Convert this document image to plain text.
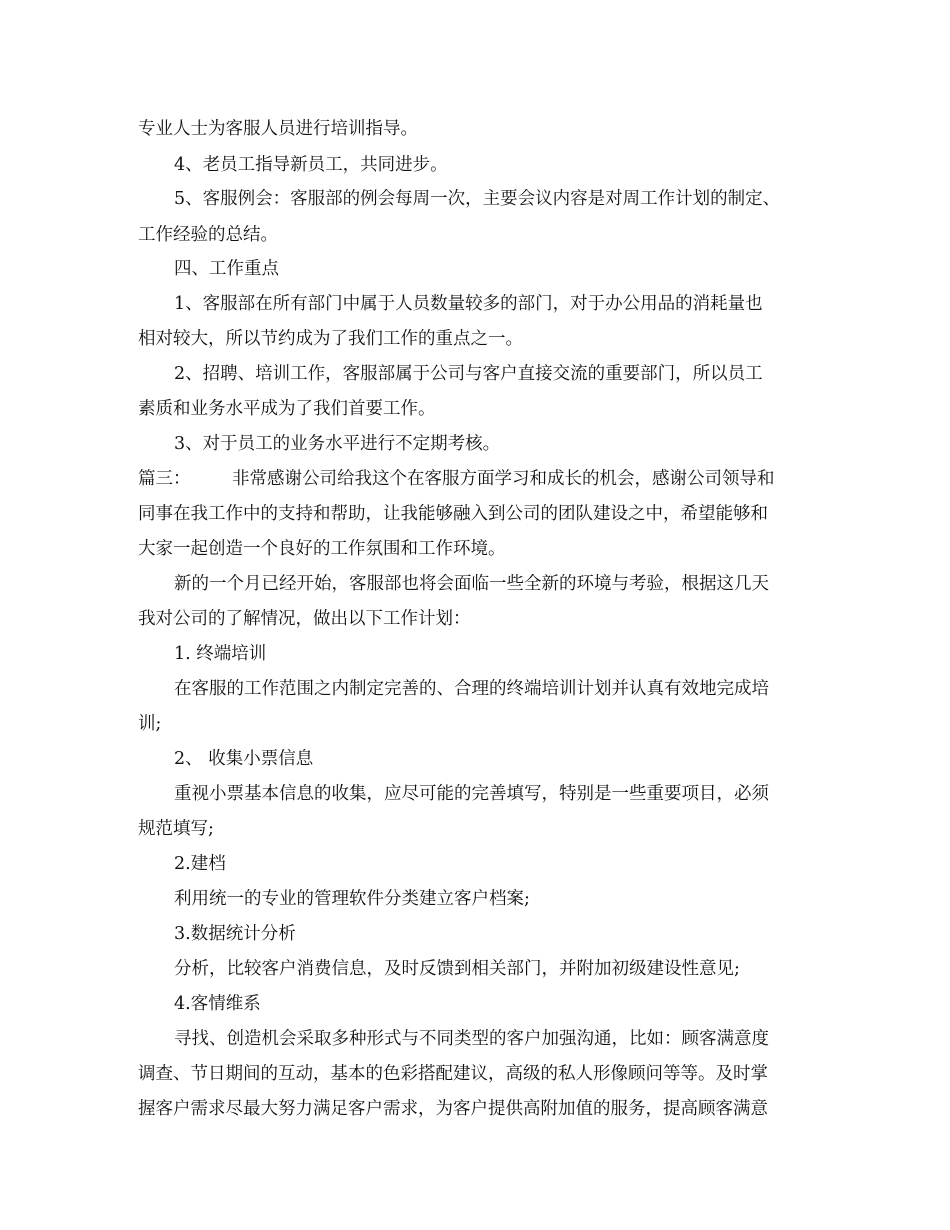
专业人士为客服人员进行培训指导。
4、老员工指导新员工，共同进步。
5、客服例会：客服部的例会每周一次，主要会议内容是对周工作计划的制定、
工作经验的总结。
四、工作重点
1、客服部在所有部门中属于人员数量较多的部门，对于办公用品的消耗量也
相对较大，所以节约成为了我们工作的重点之一。
2、招聘、培训工作，客服部属于公司与客户直接交流的重要部门，所以员工
素质和业务水平成为了我们首要工作。
3、对于员工的业务水平进行不定期考核。
篇三： 非常感谢公司给我这个在客服方面学习和成长的机会，感谢公司领导和
同事在我工作中的支持和帮助，让我能够融入到公司的团队建设之中，希望能够和
大家一起创造一个良好的工作氛围和工作环境。
新的一个月已经开始，客服部也将会面临一些全新的环境与考验，根据这几天
我对公司的了解情况，做出以下工作计划：
1. 终端培训
在客服的工作范围之内制定完善的、合理的终端培训计划并认真有效地完成培
训;
2、 收集小票信息
重视小票基本信息的收集，应尽可能的完善填写，特别是一些重要项目，必须
规范填写;
2.建档
利用统一的专业的管理软件分类建立客户档案;
3.数据统计分析
分析，比较客户消费信息，及时反馈到相关部门，并附加初级建设性意见;
4.客情维系
寻找、创造机会采取多种形式与不同类型的客户加强沟通，比如：顾客满意度
调查、节日期间的互动，基本的色彩搭配建议，高级的私人形像顾问等等。及时掌
握客户需求尽最大努力满足客户需求，为客户提供高附加值的服务，提高顾客满意
